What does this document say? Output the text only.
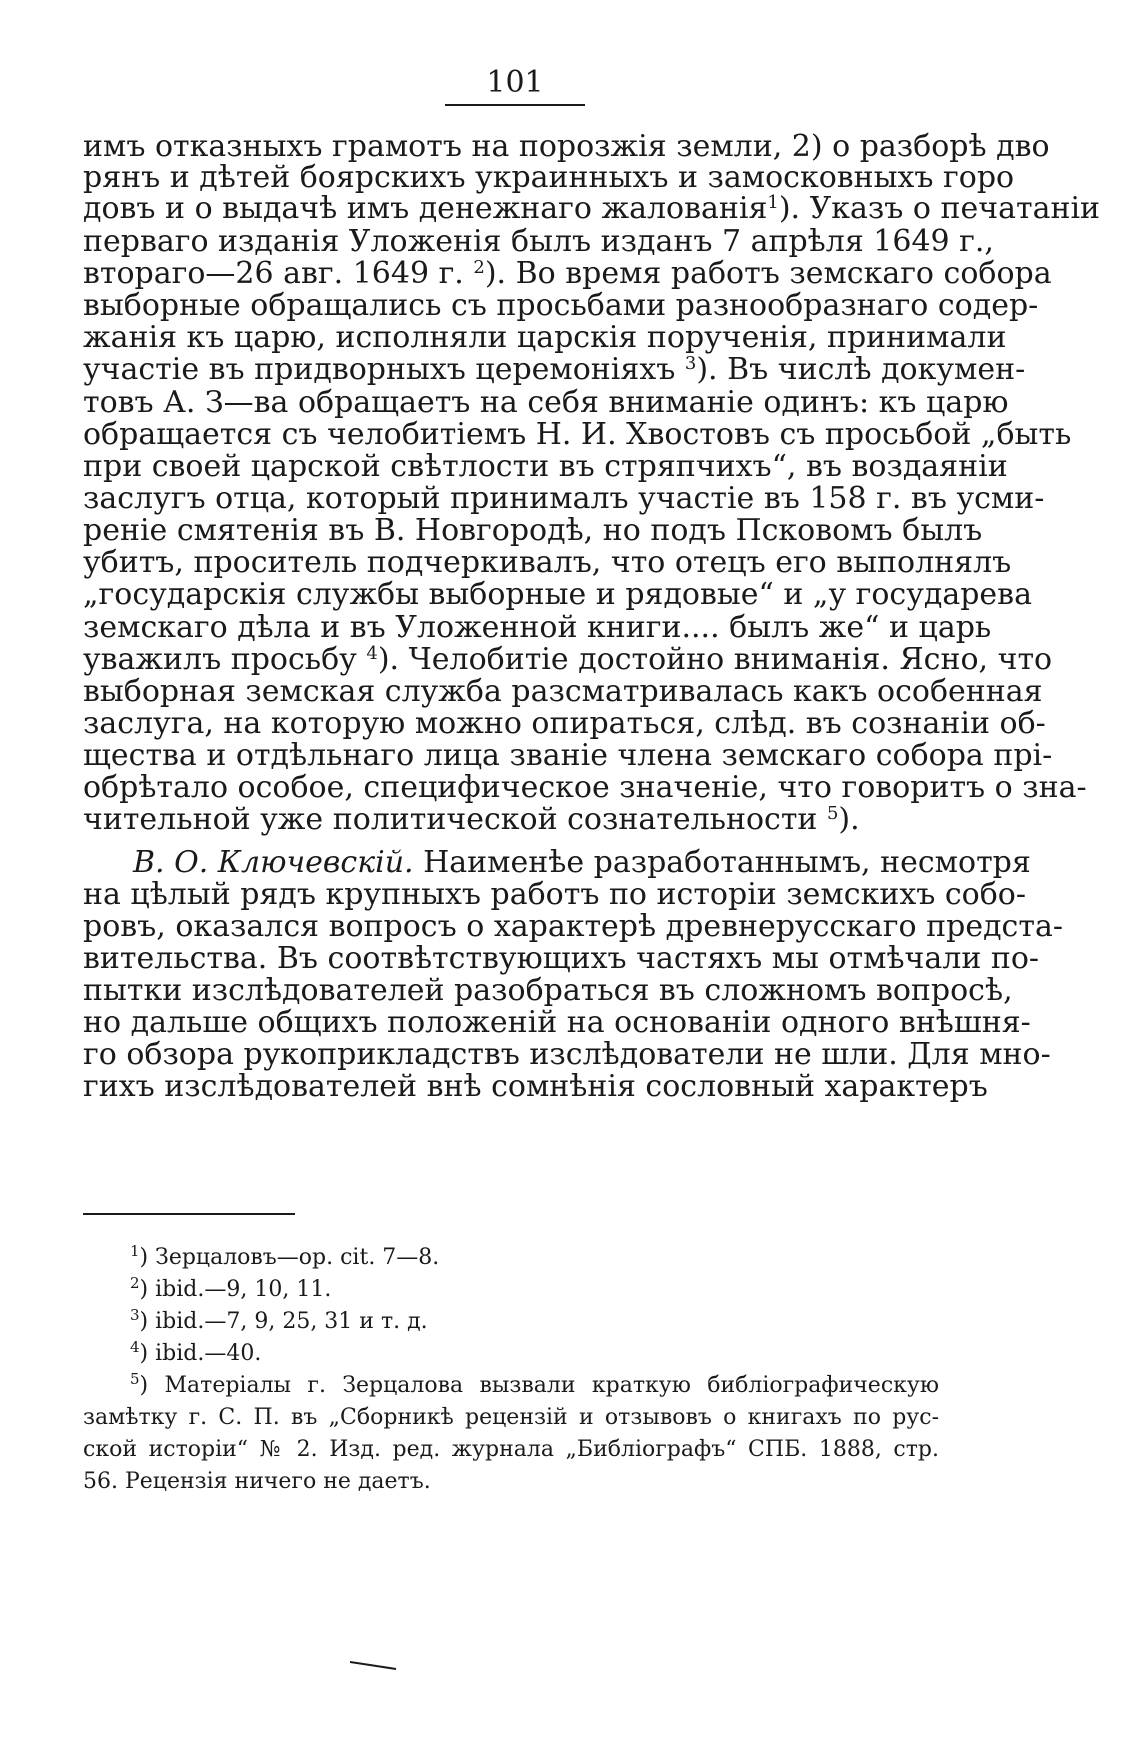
101
имъ отказныхъ грамотъ на порозжія земли, 2) о разборѣ дво
рянъ и дѣтей боярскихъ украинныхъ и замосковныхъ горо
довъ и о выдачѣ имъ денежнаго жалованія$^1$). Указъ о печатаніи
перваго изданія Уложенія былъ изданъ 7 апрѣля 1649 г.,
втораго—26 авг. 1649 г. $^2$). Во время работъ земскаго собора
выборные обращались съ просьбами разнообразнаго содер-
жанія къ царю, исполняли царскія порученія, принимали
участіе въ придворныхъ церемоніяхъ $^3$). Въ числѣ докумен-
товъ А. З—ва обращаетъ на себя вниманіе одинъ: къ царю
обращается съ челобитіемъ Н. И. Хвостовъ съ просьбой „быть
при своей царской свѣтлости въ стряпчихъ“, въ воздаяніи
заслугъ отца, который принималъ участіе въ 158 г. въ усми-
реніе смятенія въ В. Новгородѣ, но подъ Псковомъ былъ
убитъ, проситель подчеркивалъ, что отецъ его выполнялъ
„государскія службы выборные и рядовые“ и „у государева
земскаго дѣла и въ Уложенной книги.... былъ же“ и царь
уважилъ просьбу $^4$). Челобитіе достойно вниманія. Ясно, что
выборная земская служба разсматривалась какъ особенная
заслуга, на которую можно опираться, слѣд. въ сознаніи об-
щества и отдѣльнаго лица званіе члена земскаго собора прі-
обрѣтало особое, специфическое значеніе, что говоритъ о зна-
чительной уже политической сознательности $^5$).
В. О. Ключевскій. Наименѣе разработаннымъ, несмотря
на цѣлый рядъ крупныхъ работъ по исторіи земскихъ собо-
ровъ, оказался вопросъ о характерѣ древнерусскаго предста-
вительства. Въ соотвѣтствующихъ частяхъ мы отмѣчали по-
пытки изслѣдователей разобраться въ сложномъ вопросѣ,
но дальше общихъ положеній на основаніи одного внѣшня-
го обзора рукоприкладствъ изслѣдователи не шли. Для мно-
гихъ изслѣдователей внѣ сомнѣнія сословный характеръ
$^1$) Зерцаловъ—op. cit. 7—8.
$^2$) ibid.—9, 10, 11.
$^3$) ibid.—7, 9, 25, 31 и т. д.
$^4$) ibid.—40.
$^5$) Матеріалы г. Зерцалова вызвали краткую библіографическую
замѣтку г. С. П. въ „Сборникѣ рецензій и отзывовъ о книгахъ по рус-
ской исторіи“ № 2. Изд. ред. журнала „Библіографъ“ СПБ. 1888, стр.
56. Рецензія ничего не даетъ.
